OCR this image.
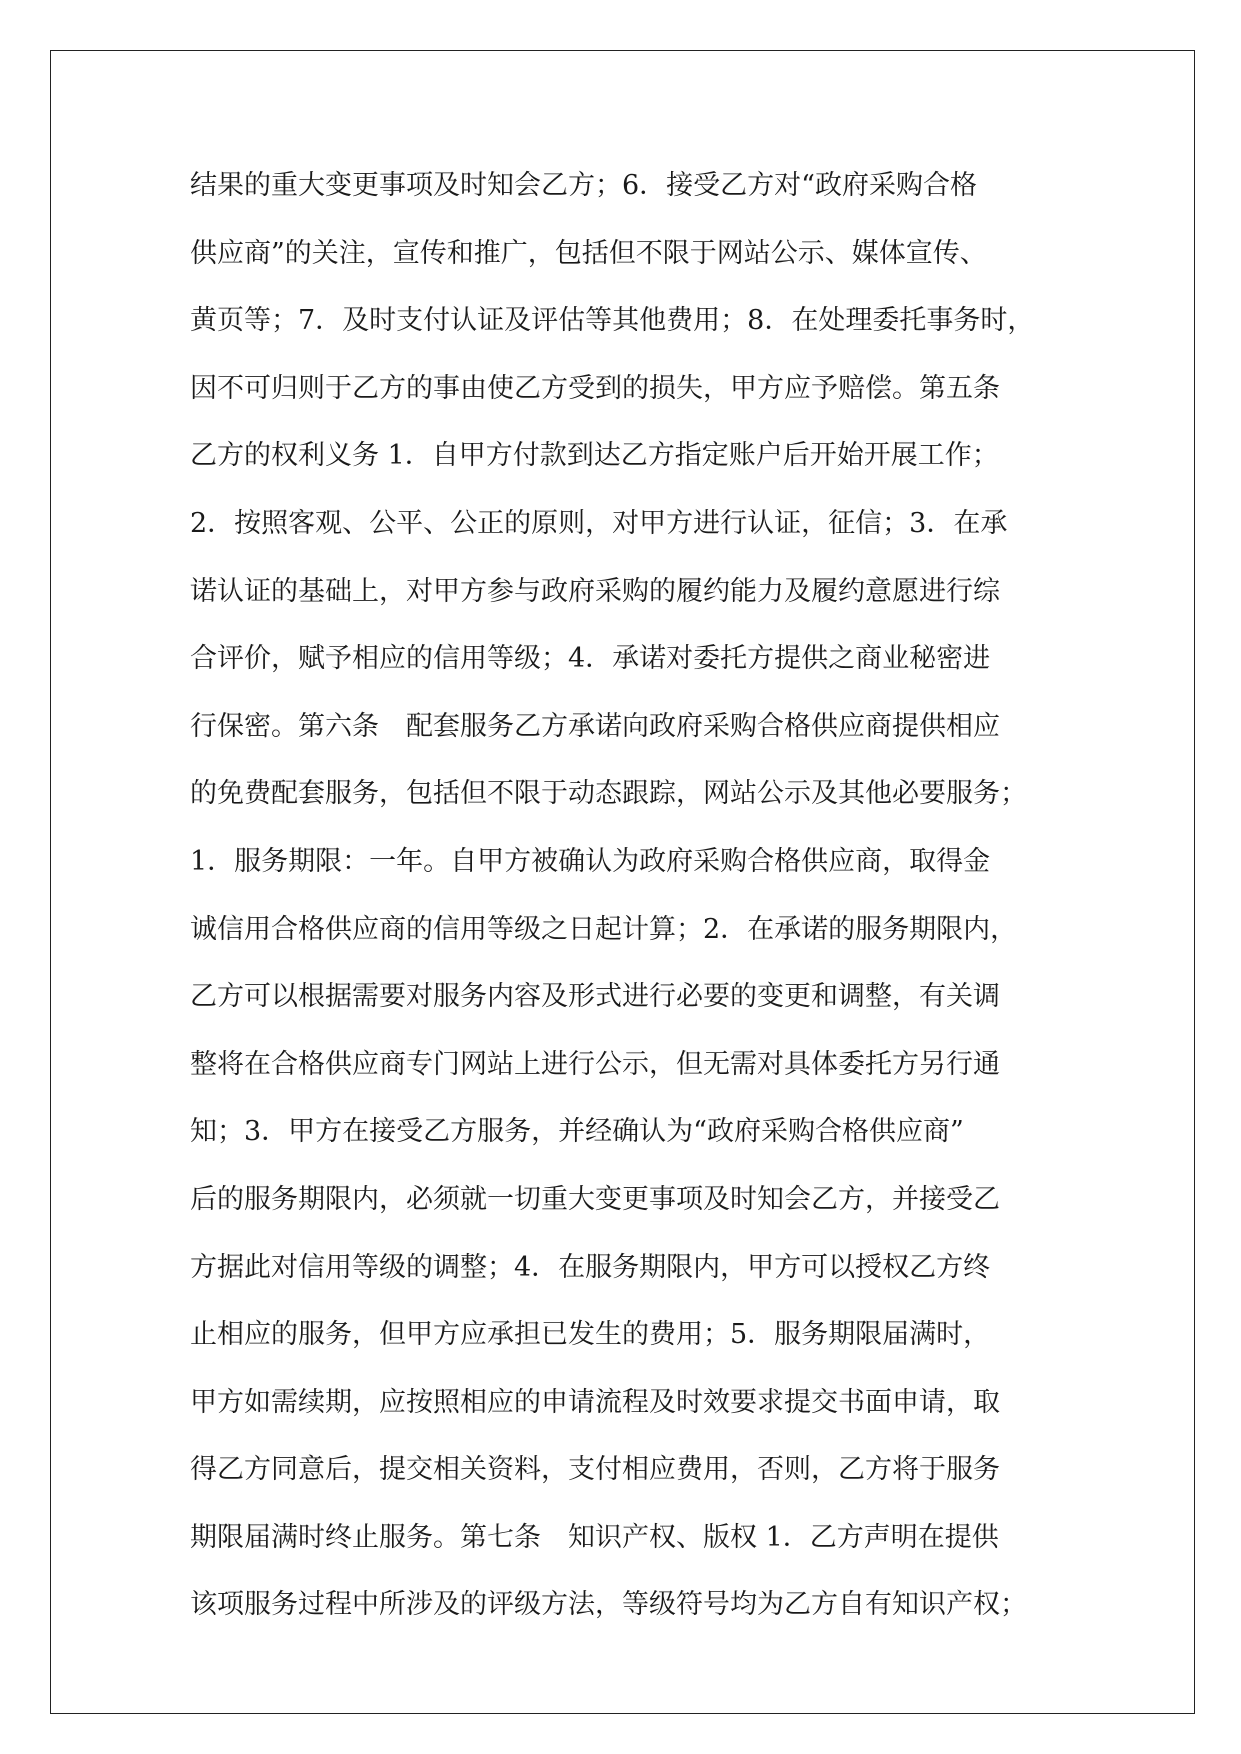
结果的重大变更事项及时知会乙方；6．接受乙方对“政府采购合格
供应商”的关注，宣传和推广，包括但不限于网站公示、媒体宣传、
黄页等；7．及时支付认证及评估等其他费用；8．在处理委托事务时，
因不可归则于乙方的事由使乙方受到的损失，甲方应予赔偿。第五条
乙方的权利义务 1．自甲方付款到达乙方指定账户后开始开展工作；
2．按照客观、公平、公正的原则，对甲方进行认证，征信；3．在承
诺认证的基础上，对甲方参与政府采购的履约能力及履约意愿进行综
合评价，赋予相应的信用等级；4．承诺对委托方提供之商业秘密进
行保密。第六条　配套服务乙方承诺向政府采购合格供应商提供相应
的免费配套服务，包括但不限于动态跟踪，网站公示及其他必要服务；
1．服务期限：一年。自甲方被确认为政府采购合格供应商，取得金
诚信用合格供应商的信用等级之日起计算；2．在承诺的服务期限内，
乙方可以根据需要对服务内容及形式进行必要的变更和调整，有关调
整将在合格供应商专门网站上进行公示，但无需对具体委托方另行通
知；3．甲方在接受乙方服务，并经确认为“政府采购合格供应商”
后的服务期限内，必须就一切重大变更事项及时知会乙方，并接受乙
方据此对信用等级的调整；4．在服务期限内，甲方可以授权乙方终
止相应的服务，但甲方应承担已发生的费用；5．服务期限届满时，
甲方如需续期，应按照相应的申请流程及时效要求提交书面申请，取
得乙方同意后，提交相关资料，支付相应费用，否则，乙方将于服务
期限届满时终止服务。第七条　知识产权、版权 1．乙方声明在提供
该项服务过程中所涉及的评级方法，等级符号均为乙方自有知识产权；
